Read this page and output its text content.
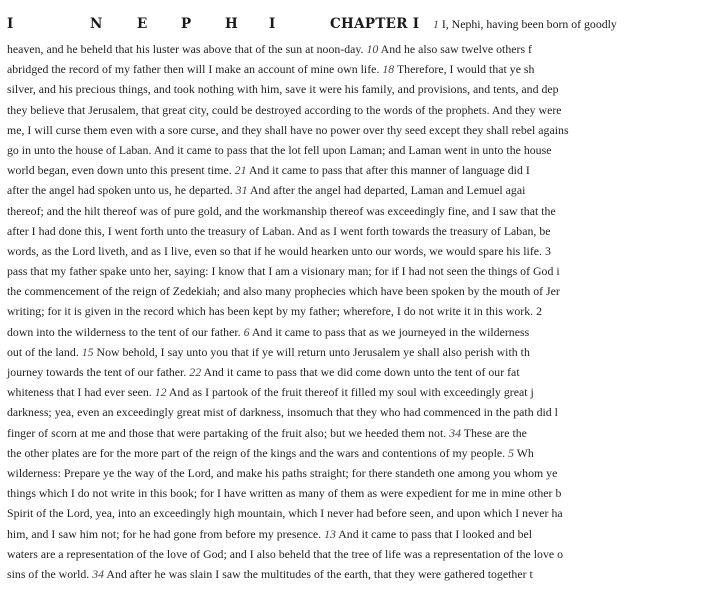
I	N	E P	H I	CHAPTER I 1 I, Nephi, having been born of goodly
heaven, and he beheld that his luster was above that of the sun at noon-day. 10 And he also saw twelve others f
abridged the record of my father then will I make an account of mine own life. 18 Therefore, I would that ye sh
silver, and his precious things, and took nothing with him, save it were his family, and provisions, and tents, and dep
they believe that Jerusalem, that great city, could be destroyed according to the words of the prophets. And they were
me, I will curse them even with a sore curse, and they shall have no power over thy seed except they shall rebel agains
go in unto the house of Laban. And it came to pass that the lot fell upon Laman; and Laman went in unto the house
world began, even down unto this present time. 21 And it came to pass that after this manner of language did I
after the angel had spoken unto us, he departed. 31 And after the angel had departed, Laman and Lemuel agai
thereof; and the hilt thereof was of pure gold, and the workmanship thereof was exceedingly fine, and I saw that the
after I had done this, I went forth unto the treasury of Laban. And as I went forth towards the treasury of Laban, be
words, as the Lord liveth, and as I live, even so that if he would hearken unto our words, we would spare his life. 3
pass that my father spake unto her, saying: I know that I am a visionary man; for if I had not seen the things of God i
the commencement of the reign of Zedekiah; and also many prophecies which have been spoken by the mouth of Jer
writing; for it is given in the record which has been kept by my father; wherefore, I do not write it in this work. 2
down into the wilderness to the tent of our father. 6 And it came to pass that as we journeyed in the wilderness
out of the land. 15 Now behold, I say unto you that if ye will return unto Jerusalem ye shall also perish with th
journey towards the tent of our father. 22 And it came to pass that we did come down unto the tent of our fat
whiteness that I had ever seen. 12 And as I partook of the fruit thereof it filled my soul with exceedingly great j
darkness; yea, even an exceedingly great mist of darkness, insomuch that they who had commenced in the path did l
finger of scorn at me and those that were partaking of the fruit also; but we heeded them not. 34 These are the
the other plates are for the more part of the reign of the kings and the wars and contentions of my people. 5 Wh
wilderness: Prepare ye the way of the Lord, and make his paths straight; for there standeth one among you whom ye
things which I do not write in this book; for I have written as many of them as were expedient for me in mine other b
Spirit of the Lord, yea, into an exceedingly high mountain, which I never had before seen, and upon which I never ha
him, and I saw him not; for he had gone from before my presence. 13 And it came to pass that I looked and bel
waters are a representation of the love of God; and I also beheld that the tree of life was a representation of the love o
sins of the world. 34 And after he was slain I saw the multitudes of the earth, that they were gathered together t
